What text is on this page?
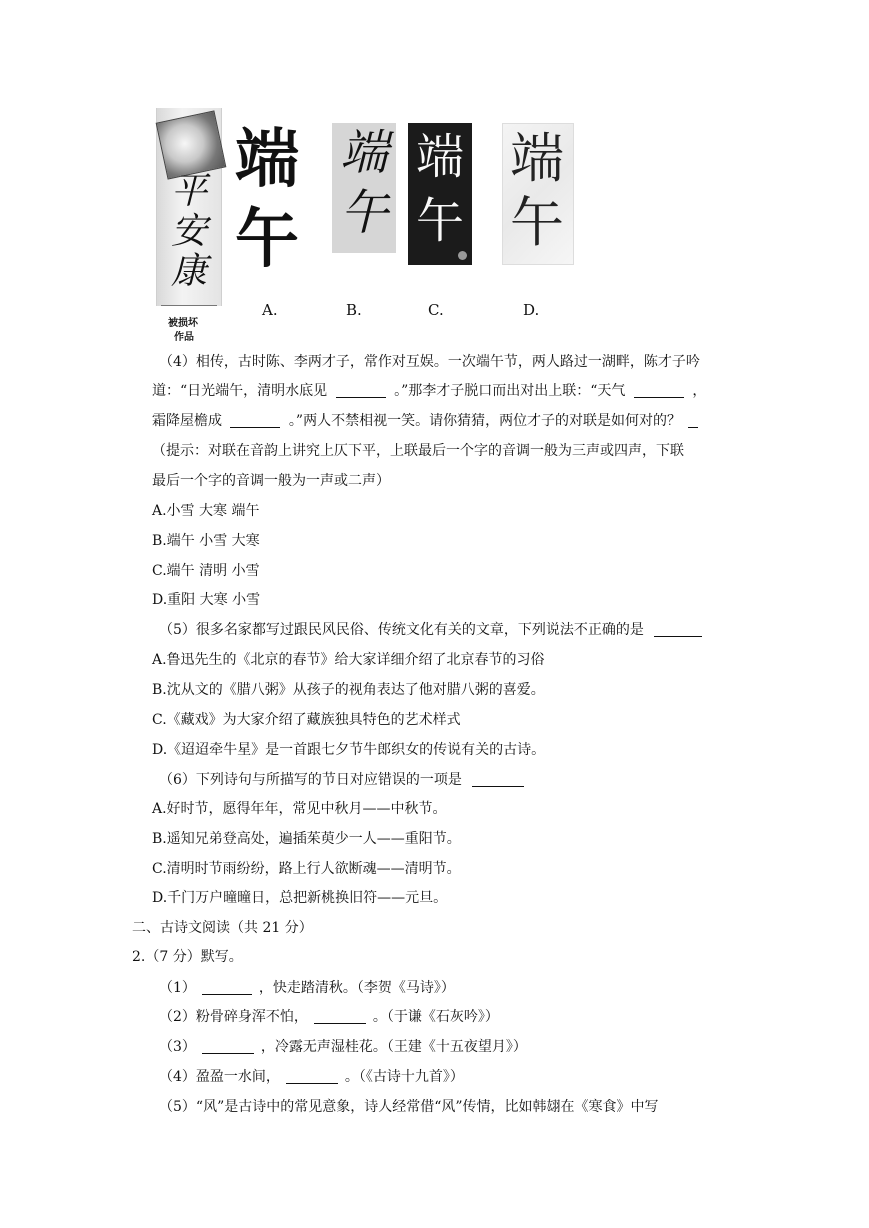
平
安
康
被损坏
作品
端
午
端
午
端
午
端
午
A.	B.	C.	D.
（4）相传，古时陈、李两才子，常作对互娱。一次端午节，两人路过一湖畔，陈才子吟
道：“日光端午，清明水底见	。”那李才子脱口而出对出上联：“天气	，
霜降屋檐成	。”两人不禁相视一笑。请你猜猜，两位才子的对联是如何对的？
（提示：对联在音韵上讲究上仄下平，上联最后一个字的音调一般为三声或四声，下联
最后一个字的音调一般为一声或二声）
A.小雪 大寒 端午
B.端午 小雪 大寒
C.端午 清明 小雪
D.重阳 大寒 小雪
（5）很多名家都写过跟民风民俗、传统文化有关的文章，下列说法不正确的是
A.鲁迅先生的《北京的春节》给大家详细介绍了北京春节的习俗
B.沈从文的《腊八粥》从孩子的视角表达了他对腊八粥的喜爱。
C.《藏戏》为大家介绍了藏族独具特色的艺术样式
D.《迢迢牵牛星》是一首跟七夕节牛郎织女的传说有关的古诗。
（6）下列诗句与所描写的节日对应错误的一项是
A.好时节，愿得年年，常见中秋月——中秋节。
B.遥知兄弟登高处，遍插茱萸少一人——重阳节。
C.清明时节雨纷纷，路上行人欲断魂——清明节。
D.千门万户曈曈日，总把新桃换旧符——元旦。
二、古诗文阅读（共 21 分）
2.（7 分）默写。
（1）	，快走踏清秋。（李贺《马诗》）
（2）粉骨碎身浑不怕，	。（于谦《石灰吟》）
（3）	，冷露无声湿桂花。（王建《十五夜望月》）
（4）盈盈一水间，	。（《古诗十九首》）
（5）“风”是古诗中的常见意象，诗人经常借“风”传情，比如韩翃在《寒食》中写
